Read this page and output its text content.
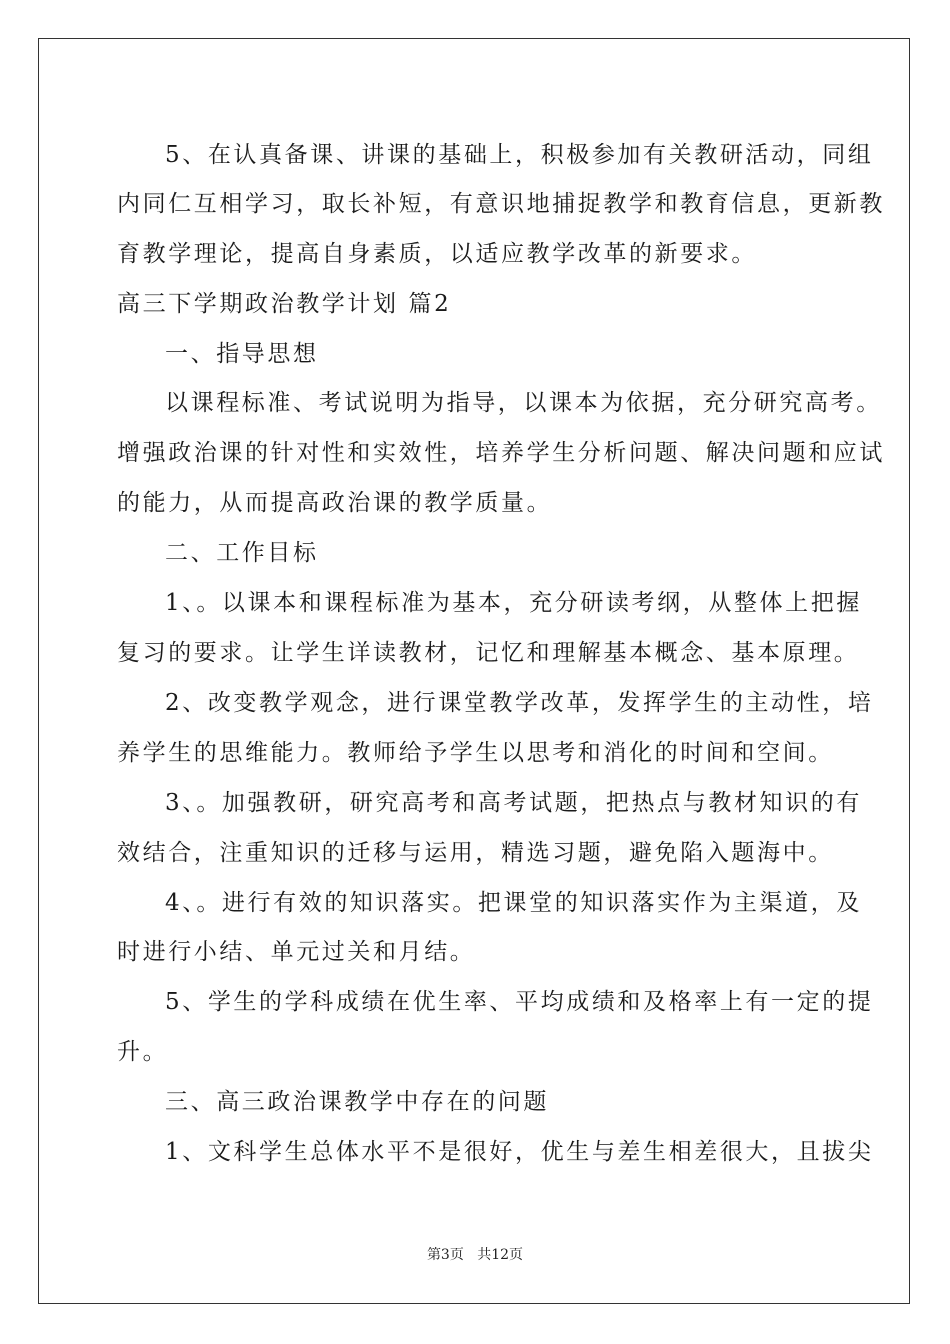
5、在认真备课、讲课的基础上，积极参加有关教研活动，同组
内同仁互相学习，取长补短，有意识地捕捉教学和教育信息，更新教
育教学理论，提高自身素质，以适应教学改革的新要求。
高三下学期政治教学计划 篇2
一、指导思想
以课程标准、考试说明为指导，以课本为依据，充分研究高考。
增强政治课的针对性和实效性，培养学生分析问题、解决问题和应试
的能力，从而提高政治课的教学质量。
二、工作目标
1、。以课本和课程标准为基本，充分研读考纲，从整体上把握
复习的要求。让学生详读教材，记忆和理解基本概念、基本原理。
2、改变教学观念，进行课堂教学改革，发挥学生的主动性，培
养学生的思维能力。教师给予学生以思考和消化的时间和空间。
3、。加强教研，研究高考和高考试题，把热点与教材知识的有
效结合，注重知识的迁移与运用，精选习题，避免陷入题海中。
4、。进行有效的知识落实。把课堂的知识落实作为主渠道，及
时进行小结、单元过关和月结。
5、学生的学科成绩在优生率、平均成绩和及格率上有一定的提
升。
三、高三政治课教学中存在的问题
1、文科学生总体水平不是很好，优生与差生相差很大，且拔尖
第3页 共12页
